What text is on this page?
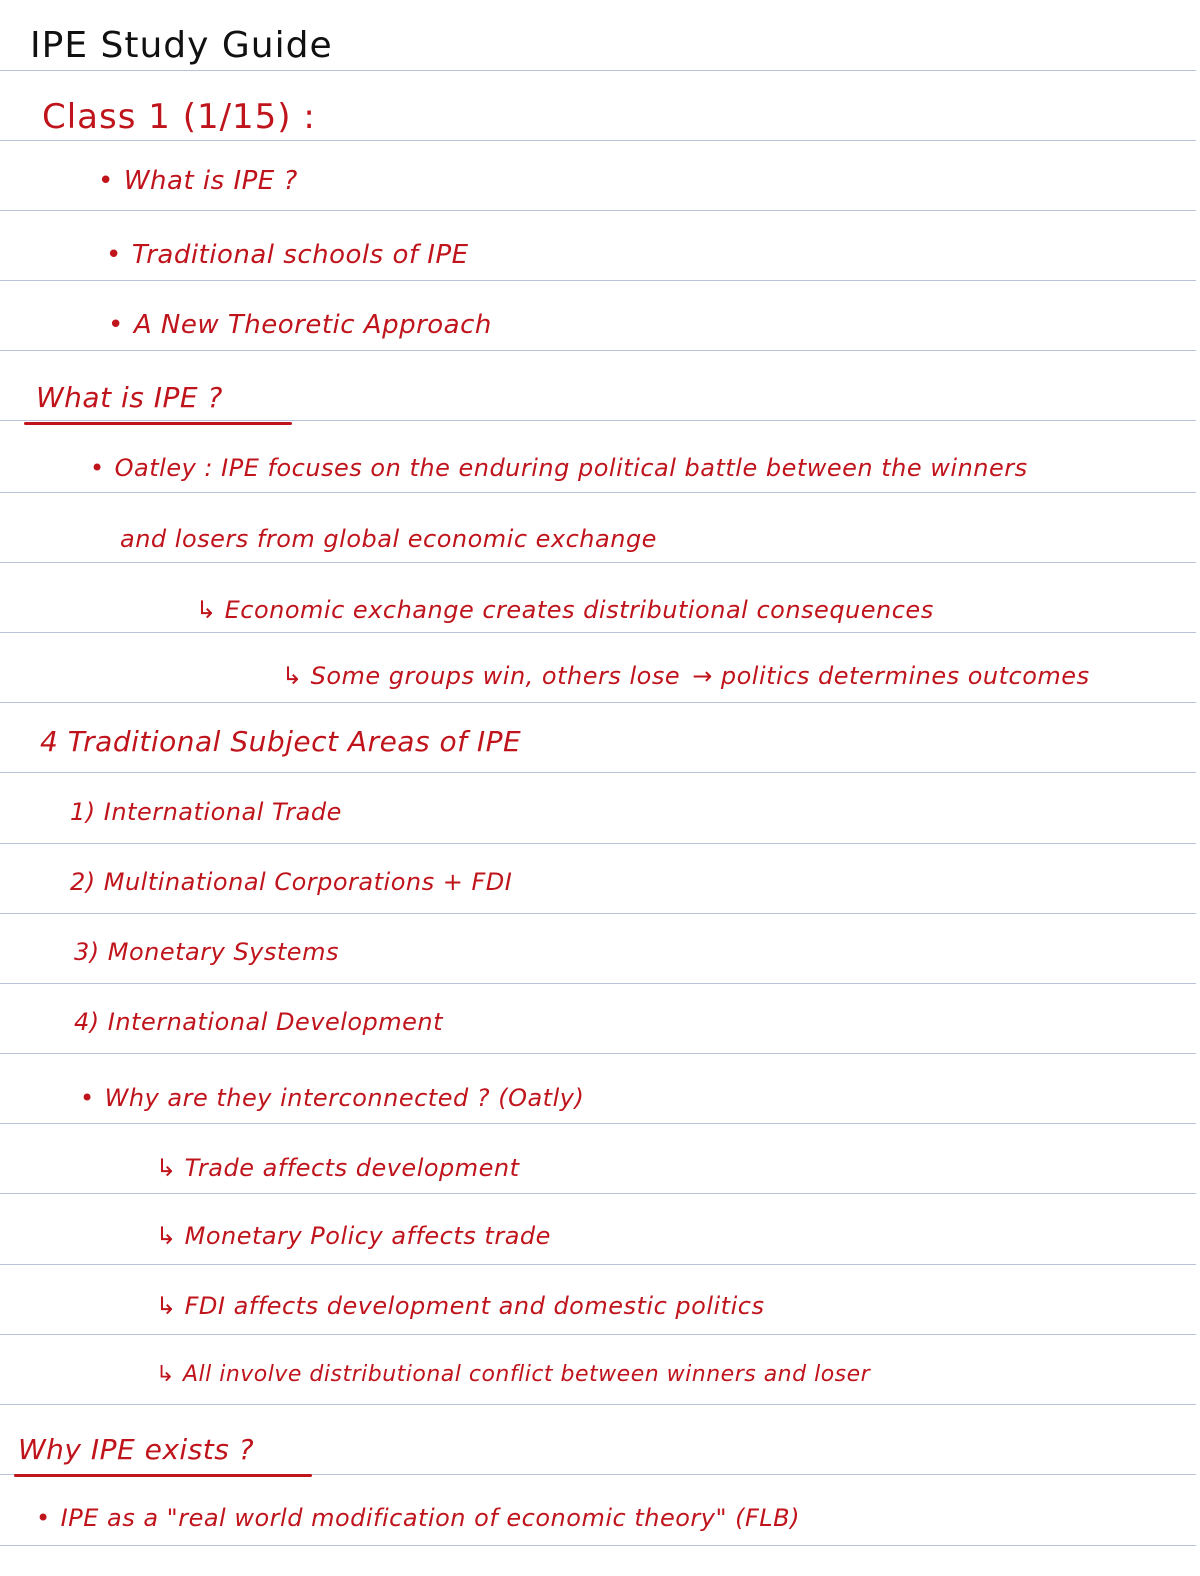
IPE Study Guide
Class 1 (1/15) :
• What is IPE ?
• Traditional schools of IPE
• A New Theoretic Approach
What is IPE ?
• Oatley : IPE focuses on the enduring political battle between the winners
and losers from global economic exchange
↳ Economic exchange creates distributional consequences
↳ Some groups win, others lose → politics determines outcomes
4 Traditional Subject Areas of IPE
1) International Trade
2) Multinational Corporations + FDI
3) Monetary Systems
4) International Development
• Why are they interconnected ? (Oatly)
↳ Trade affects development
↳ Monetary Policy affects trade
↳ FDI affects development and domestic politics
↳ All involve distributional conflict between winners and loser
Why IPE exists ?
• IPE as a "real world modification of economic theory" (FLB)
